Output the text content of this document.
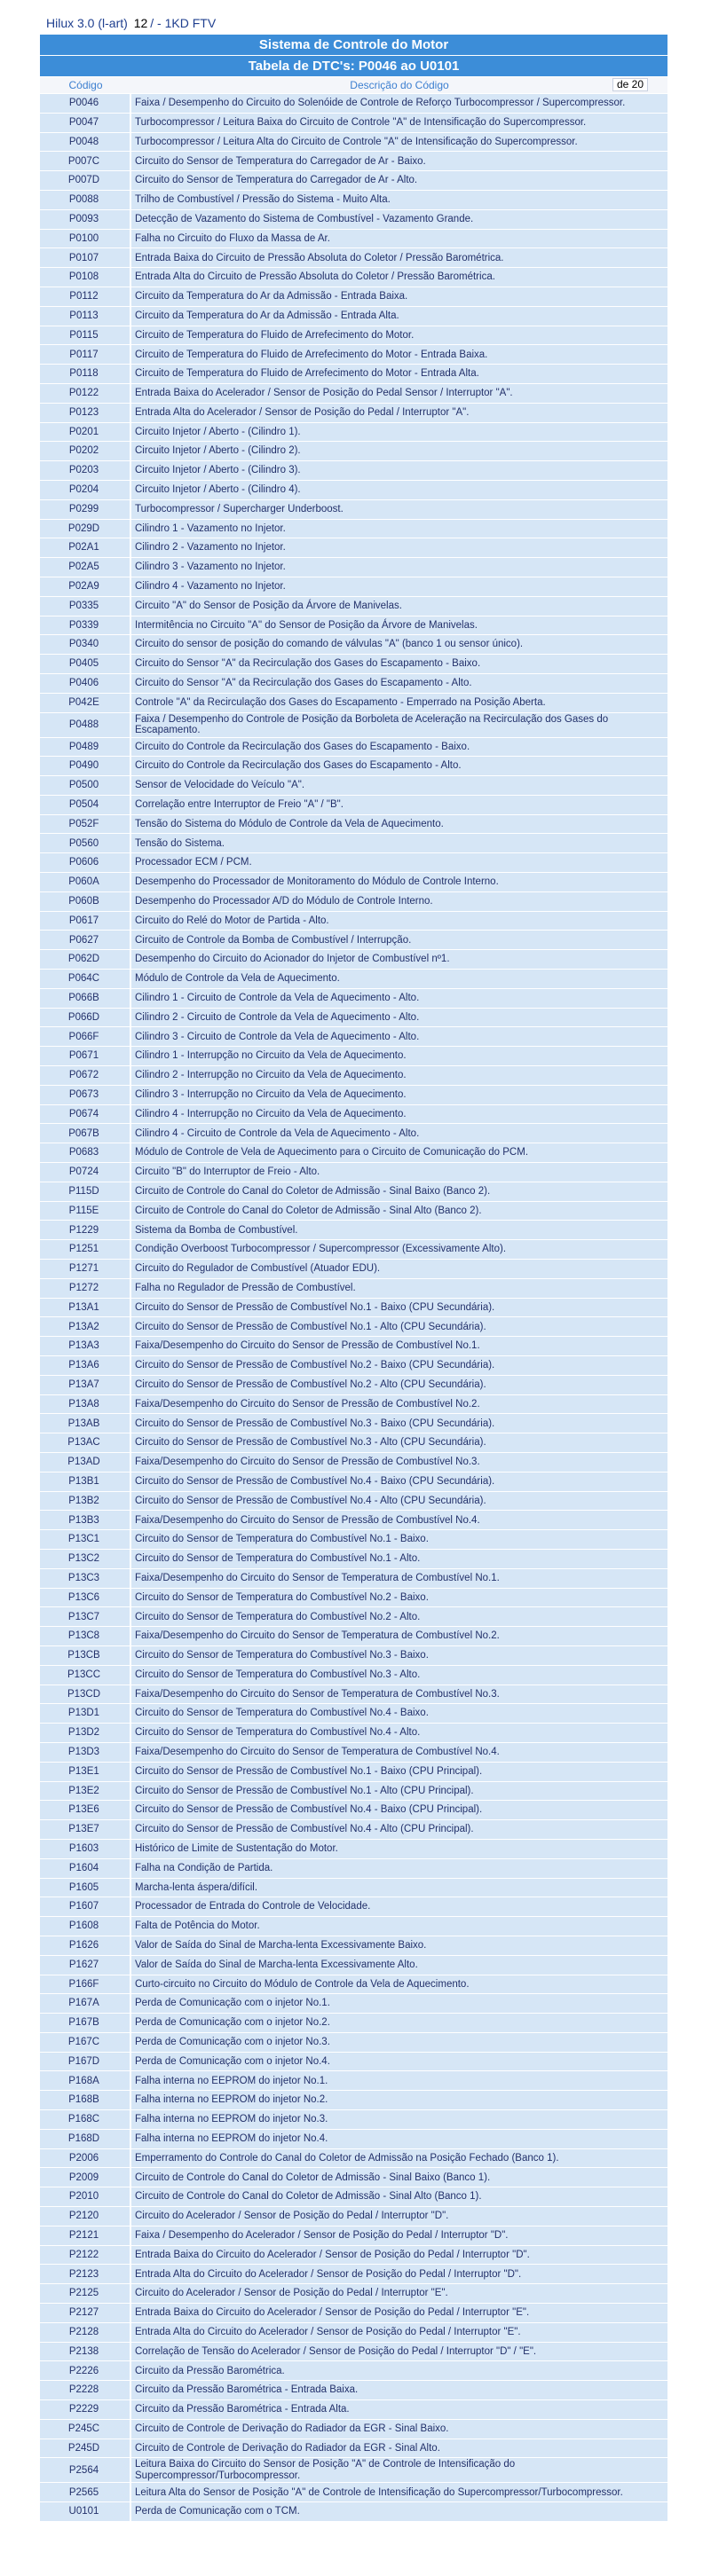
Hilux 3.0 (l-art) 12 / - 1KD FTV
Sistema de Controle do Motor	
Tabela de DTC's: P0046 ao U0101	
Código	Descrição do Código de 20

P0046	Faixa / Desempenho do Circuito do Solenóide de Controle de Reforço Turbocompressor / Supercompressor.
P0047	Turbocompressor / Leitura Baixa do Circuito de Controle "A" de Intensificação do Supercompressor.
P0048	Turbocompressor / Leitura Alta do Circuito de Controle "A" de Intensificação do Supercompressor.
P007C	Circuito do Sensor de Temperatura do Carregador de Ar - Baixo.
P007D	Circuito do Sensor de Temperatura do Carregador de Ar - Alto.
P0088	Trilho de Combustível / Pressão do Sistema - Muito Alta.
P0093	Detecção de Vazamento do Sistema de Combustível - Vazamento Grande.
P0100	Falha no Circuito do Fluxo da Massa de Ar.
P0107	Entrada Baixa do Circuito de Pressão Absoluta do Coletor / Pressão Barométrica.
P0108	Entrada Alta do Circuito de Pressão Absoluta do Coletor / Pressão Barométrica.
P0112	Circuito da Temperatura do Ar da Admissão - Entrada Baixa.
P0113	Circuito da Temperatura do Ar da Admissão - Entrada Alta.
P0115	Circuito de Temperatura do Fluido de Arrefecimento do Motor.
P0117	Circuito de Temperatura do Fluido de Arrefecimento do Motor - Entrada Baixa.
P0118	Circuito de Temperatura do Fluido de Arrefecimento do Motor - Entrada Alta.
P0122	Entrada Baixa do Acelerador / Sensor de Posição do Pedal Sensor / Interruptor "A".
P0123	Entrada Alta do Acelerador / Sensor de Posição do Pedal / Interruptor "A".
P0201	Circuito Injetor / Aberto - (Cilindro 1).
P0202	Circuito Injetor / Aberto - (Cilindro 2).
P0203	Circuito Injetor / Aberto - (Cilindro 3).
P0204	Circuito Injetor / Aberto - (Cilindro 4).
P0299	Turbocompressor / Supercharger Underboost.
P029D	Cilindro 1 - Vazamento no Injetor.
P02A1	Cilindro 2 - Vazamento no Injetor.
P02A5	Cilindro 3 - Vazamento no Injetor.
P02A9	Cilindro 4 - Vazamento no Injetor.
P0335	Circuito "A" do Sensor de Posição da Árvore de Manivelas.
P0339	Intermitência no Circuito "A" do Sensor de Posição da Árvore de Manivelas.
P0340	Circuito do sensor de posição do comando de válvulas "A" (banco 1 ou sensor único).
P0405	Circuito do Sensor "A" da Recirculação dos Gases do Escapamento - Baixo.
P0406	Circuito do Sensor "A" da Recirculação dos Gases do Escapamento - Alto.
P042E	Controle "A" da Recirculação dos Gases do Escapamento - Emperrado na Posição Aberta.
P0488	Faixa / Desempenho do Controle de Posição da Borboleta de Aceleração na Recirculação dos Gases do Escapamento.
P0489	Circuito do Controle da Recirculação dos Gases do Escapamento - Baixo.
P0490	Circuito do Controle da Recirculação dos Gases do Escapamento - Alto.
P0500	Sensor de Velocidade do Veículo "A".
P0504	Correlação entre Interruptor de Freio "A" / "B".
P052F	Tensão do Sistema do Módulo de Controle da Vela de Aquecimento.
P0560	Tensão do Sistema.
P0606	Processador ECM / PCM.
P060A	Desempenho do Processador de Monitoramento do Módulo de Controle Interno.
P060B	Desempenho do Processador A/D do Módulo de Controle Interno.
P0617	Circuito do Relé do Motor de Partida - Alto.
P0627	Circuito de Controle da Bomba de Combustível / Interrupção.
P062D	Desempenho do Circuito do Acionador do Injetor de Combustível nº1.
P064C	Módulo de Controle da Vela de Aquecimento.
P066B	Cilindro 1 - Circuito de Controle da Vela de Aquecimento - Alto.
P066D	Cilindro 2 - Circuito de Controle da Vela de Aquecimento - Alto.
P066F	Cilindro 3 - Circuito de Controle da Vela de Aquecimento - Alto.
P0671	Cilindro 1 - Interrupção no Circuito da Vela de Aquecimento.
P0672	Cilindro 2 - Interrupção no Circuito da Vela de Aquecimento.
P0673	Cilindro 3 - Interrupção no Circuito da Vela de Aquecimento.
P0674	Cilindro 4 - Interrupção no Circuito da Vela de Aquecimento.
P067B	Cilindro 4 - Circuito de Controle da Vela de Aquecimento - Alto.
P0683	Módulo de Controle de Vela de Aquecimento para o Circuito de Comunicação do PCM.
P0724	Circuito "B" do Interruptor de Freio - Alto.
P115D	Circuito de Controle do Canal do Coletor de Admissão - Sinal Baixo (Banco 2).
P115E	Circuito de Controle do Canal do Coletor de Admissão - Sinal Alto (Banco 2).
P1229	Sistema da Bomba de Combustível.
P1251	Condição Overboost Turbocompressor / Supercompressor (Excessivamente Alto).
P1271	Circuito do Regulador de Combustível (Atuador EDU).
P1272	Falha no Regulador de Pressão de Combustível.
P13A1	Circuito do Sensor de Pressão de Combustível No.1 - Baixo (CPU Secundária).
P13A2	Circuito do Sensor de Pressão de Combustível No.1 - Alto (CPU Secundária).
P13A3	Faixa/Desempenho do Circuito do Sensor de Pressão de Combustível No.1.
P13A6	Circuito do Sensor de Pressão de Combustível No.2 - Baixo (CPU Secundária).
P13A7	Circuito do Sensor de Pressão de Combustível No.2 - Alto (CPU Secundária).
P13A8	Faixa/Desempenho do Circuito do Sensor de Pressão de Combustível No.2.
P13AB	Circuito do Sensor de Pressão de Combustível No.3 - Baixo (CPU Secundária).
P13AC	Circuito do Sensor de Pressão de Combustível No.3 - Alto (CPU Secundária).
P13AD	Faixa/Desempenho do Circuito do Sensor de Pressão de Combustível No.3.
P13B1	Circuito do Sensor de Pressão de Combustível No.4 - Baixo (CPU Secundária).
P13B2	Circuito do Sensor de Pressão de Combustível No.4 - Alto (CPU Secundária).
P13B3	Faixa/Desempenho do Circuito do Sensor de Pressão de Combustível No.4.
P13C1	Circuito do Sensor de Temperatura do Combustível No.1 - Baixo.
P13C2	Circuito do Sensor de Temperatura do Combustível No.1 - Alto.
P13C3	Faixa/Desempenho do Circuito do Sensor de Temperatura de Combustível No.1.
P13C6	Circuito do Sensor de Temperatura do Combustível No.2 - Baixo.
P13C7	Circuito do Sensor de Temperatura do Combustível No.2 - Alto.
P13C8	Faixa/Desempenho do Circuito do Sensor de Temperatura de Combustível No.2.
P13CB	Circuito do Sensor de Temperatura do Combustível No.3 - Baixo.
P13CC	Circuito do Sensor de Temperatura do Combustível No.3 - Alto.
P13CD	Faixa/Desempenho do Circuito do Sensor de Temperatura de Combustível No.3.
P13D1	Circuito do Sensor de Temperatura do Combustível No.4 - Baixo.
P13D2	Circuito do Sensor de Temperatura do Combustível No.4 - Alto.
P13D3	Faixa/Desempenho do Circuito do Sensor de Temperatura de Combustível No.4.
P13E1	Circuito do Sensor de Pressão de Combustível No.1 - Baixo (CPU Principal).
P13E2	Circuito do Sensor de Pressão de Combustível No.1 - Alto (CPU Principal).
P13E6	Circuito do Sensor de Pressão de Combustível No.4 - Baixo (CPU Principal).
P13E7	Circuito do Sensor de Pressão de Combustível No.4 - Alto (CPU Principal).
P1603	Histórico de Limite de Sustentação do Motor.
P1604	Falha na Condição de Partida.
P1605	Marcha-lenta áspera/difícil.
P1607	Processador de Entrada do Controle de Velocidade.
P1608	Falta de Potência do Motor.
P1626	Valor de Saída do Sinal de Marcha-lenta Excessivamente Baixo.
P1627	Valor de Saída do Sinal de Marcha-lenta Excessivamente Alto.
P166F	Curto-circuito no Circuito do Módulo de Controle da Vela de Aquecimento.
P167A	Perda de Comunicação com o injetor No.1.
P167B	Perda de Comunicação com o injetor No.2.
P167C	Perda de Comunicação com o injetor No.3.
P167D	Perda de Comunicação com o injetor No.4.
P168A	Falha interna no EEPROM do injetor No.1.
P168B	Falha interna no EEPROM do injetor No.2.
P168C	Falha interna no EEPROM do injetor No.3.
P168D	Falha interna no EEPROM do injetor No.4.
P2006	Emperramento do Controle do Canal do Coletor de Admissão na Posição Fechado (Banco 1).
P2009	Circuito de Controle do Canal do Coletor de Admissão - Sinal Baixo (Banco 1).
P2010	Circuito de Controle do Canal do Coletor de Admissão - Sinal Alto (Banco 1).
P2120	Circuito do Acelerador / Sensor de Posição do Pedal / Interruptor "D".
P2121	Faixa / Desempenho do Acelerador / Sensor de Posição do Pedal / Interruptor "D".
P2122	Entrada Baixa do Circuito do Acelerador / Sensor de Posição do Pedal / Interruptor "D".
P2123	Entrada Alta do Circuito do Acelerador / Sensor de Posição do Pedal / Interruptor "D".
P2125	Circuito do Acelerador / Sensor de Posição do Pedal / Interruptor "E".
P2127	Entrada Baixa do Circuito do Acelerador / Sensor de Posição do Pedal / Interruptor "E".
P2128	Entrada Alta do Circuito do Acelerador / Sensor de Posição do Pedal / Interruptor "E".
P2138	Correlação de Tensão do Acelerador / Sensor de Posição do Pedal / Interruptor "D" / "E".
P2226	Circuito da Pressão Barométrica.
P2228	Circuito da Pressão Barométrica - Entrada Baixa.
P2229	Circuito da Pressão Barométrica - Entrada Alta.
P245C	Circuito de Controle de Derivação do Radiador da EGR - Sinal Baixo.
P245D	Circuito de Controle de Derivação do Radiador da EGR - Sinal Alto.
P2564	Leitura Baixa do Circuito do Sensor de Posição "A" de Controle de Intensificação do Supercompressor/Turbocompressor.
P2565	Leitura Alta do Sensor de Posição "A" de Controle de Intensificação do Supercompressor/Turbocompressor.
U0101	Perda de Comunicação com o TCM.
